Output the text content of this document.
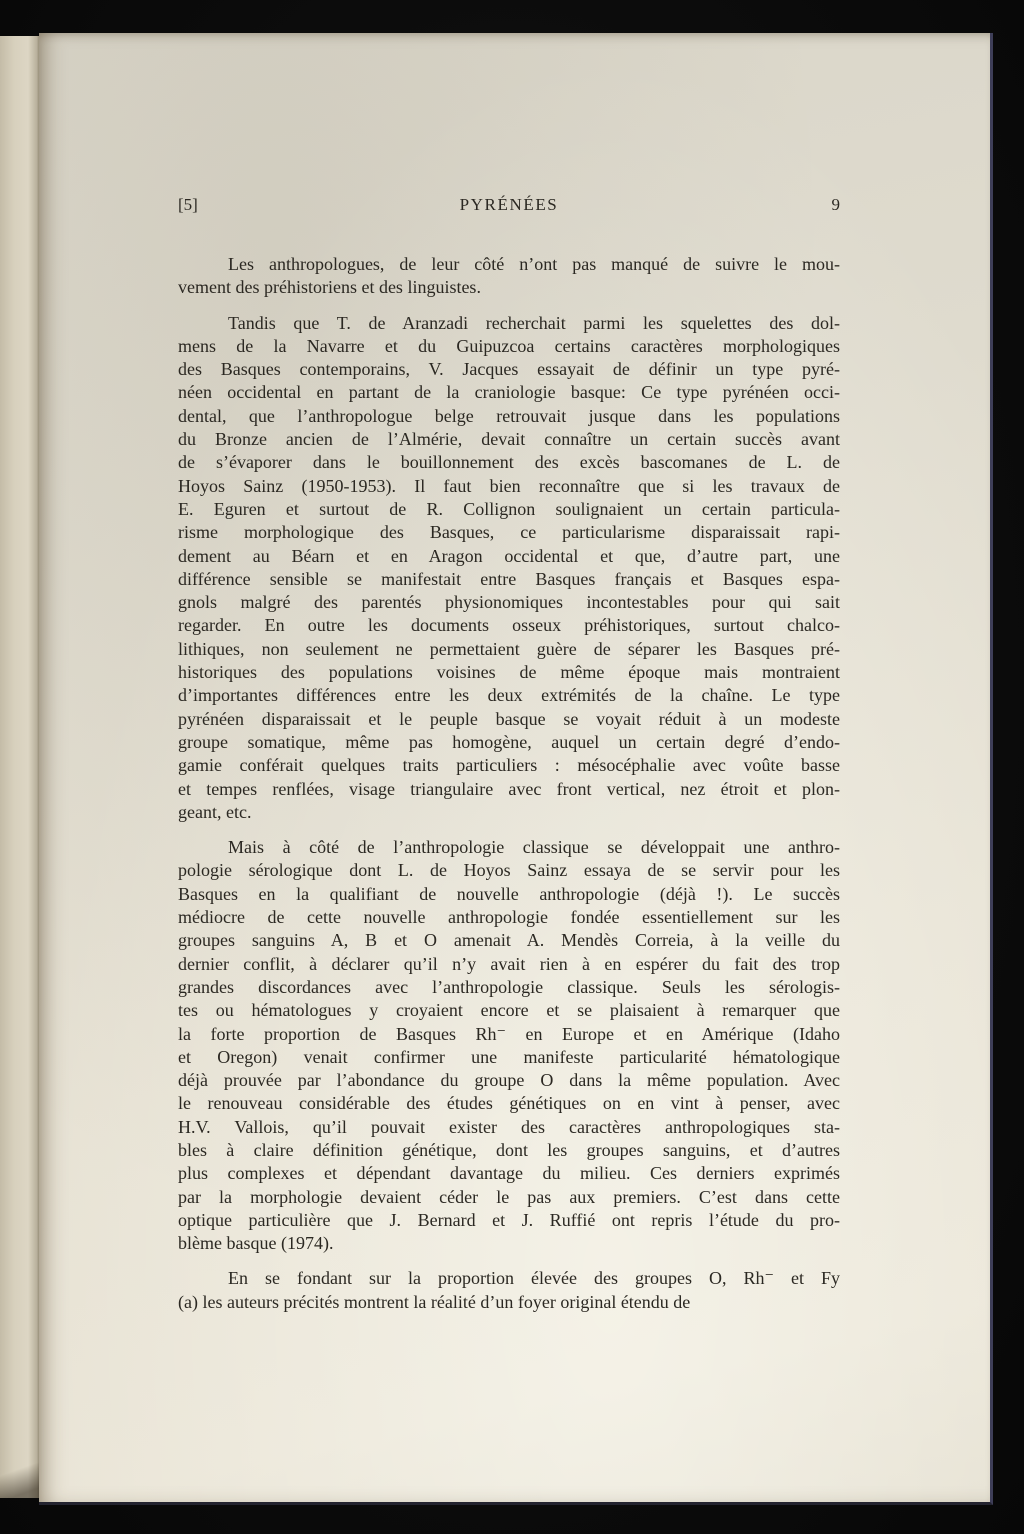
[5]	PYRÉNÉES	9
Les anthropologues, de leur côté n’ont pas manqué de suivre le mou-
vement des préhistoriens et des linguistes.
Tandis que T. de Aranzadi recherchait parmi les squelettes des dol-
mens de la Navarre et du Guipuzcoa certains caractères morphologiques
des Basques contemporains, V. Jacques essayait de définir un type pyré-
néen occidental en partant de la craniologie basque: Ce type pyrénéen occi-
dental, que l’anthropologue belge retrouvait jusque dans les populations
du Bronze ancien de l’Almérie, devait connaître un certain succès avant
de s’évaporer dans le bouillonnement des excès bascomanes de L. de
Hoyos Sainz (1950-1953). Il faut bien reconnaître que si les travaux de
E. Eguren et surtout de R. Collignon soulignaient un certain particula-
risme morphologique des Basques, ce particularisme disparaissait rapi-
dement au Béarn et en Aragon occidental et que, d’autre part, une
différence sensible se manifestait entre Basques français et Basques espa-
gnols malgré des parentés physionomiques incontestables pour qui sait
regarder. En outre les documents osseux préhistoriques, surtout chalco-
lithiques, non seulement ne permettaient guère de séparer les Basques pré-
historiques des populations voisines de même époque mais montraient
d’importantes différences entre les deux extrémités de la chaîne. Le type
pyrénéen disparaissait et le peuple basque se voyait réduit à un modeste
groupe somatique, même pas homogène, auquel un certain degré d’endo-
gamie conférait quelques traits particuliers : mésocéphalie avec voûte basse
et tempes renflées, visage triangulaire avec front vertical, nez étroit et plon-
geant, etc.
Mais à côté de l’anthropologie classique se développait une anthro-
pologie sérologique dont L. de Hoyos Sainz essaya de se servir pour les
Basques en la qualifiant de nouvelle anthropologie (déjà !). Le succès
médiocre de cette nouvelle anthropologie fondée essentiellement sur les
groupes sanguins A, B et O amenait A. Mendès Correia, à la veille du
dernier conflit, à déclarer qu’il n’y avait rien à en espérer du fait des trop
grandes discordances avec l’anthropologie classique. Seuls les sérologis-
tes ou hématologues y croyaient encore et se plaisaient à remarquer que
la forte proportion de Basques Rh⁻ en Europe et en Amérique (Idaho
et Oregon) venait confirmer une manifeste particularité hématologique
déjà prouvée par l’abondance du groupe O dans la même population. Avec
le renouveau considérable des études génétiques on en vint à penser, avec
H.V. Vallois, qu’il pouvait exister des caractères anthropologiques sta-
bles à claire définition génétique, dont les groupes sanguins, et d’autres
plus complexes et dépendant davantage du milieu. Ces derniers exprimés
par la morphologie devaient céder le pas aux premiers. C’est dans cette
optique particulière que J. Bernard et J. Ruffié ont repris l’étude du pro-
blème basque (1974).
En se fondant sur la proportion élevée des groupes O, Rh⁻ et Fy
(a) les auteurs précités montrent la réalité d’un foyer original étendu de
